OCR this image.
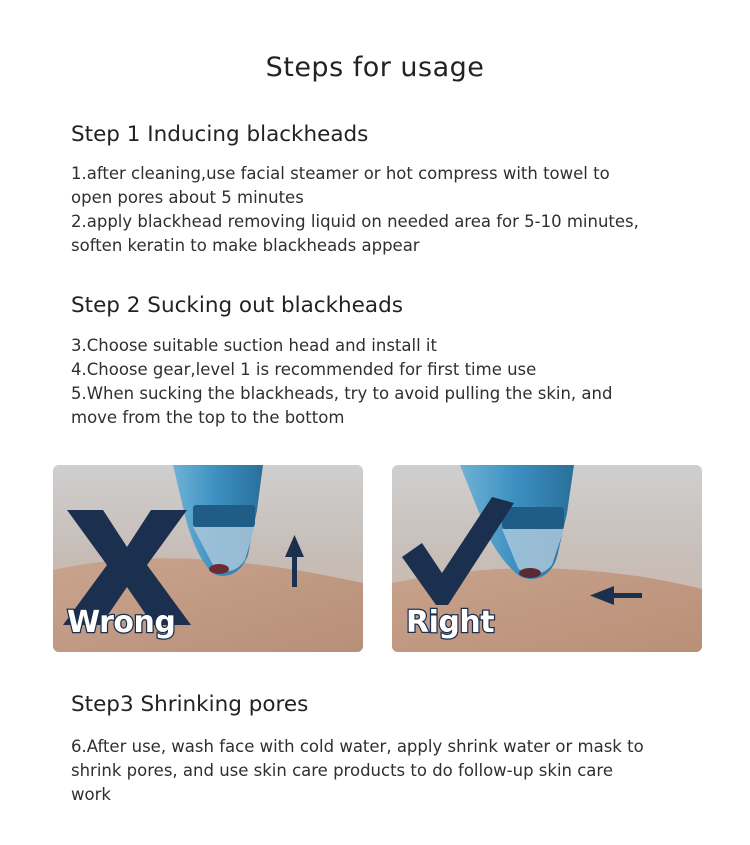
Steps for usage
Step 1 Inducing blackheads
1.after cleaning,use facial steamer or hot compress with towel to
open pores about 5 minutes
2.apply blackhead removing liquid on needed area for 5-10 minutes,
soften keratin to make blackheads appear
Step 2 Sucking out blackheads
3.Choose suitable suction head and install it
4.Choose gear,level 1 is recommended for first time use
5.When sucking the blackheads, try to avoid pulling the skin, and
move from the top to the bottom
Wrong	Right
Step3 Shrinking pores
6.After use, wash face with cold water, apply shrink water or mask to
shrink pores, and use skin care products to do follow-up skin care
work
